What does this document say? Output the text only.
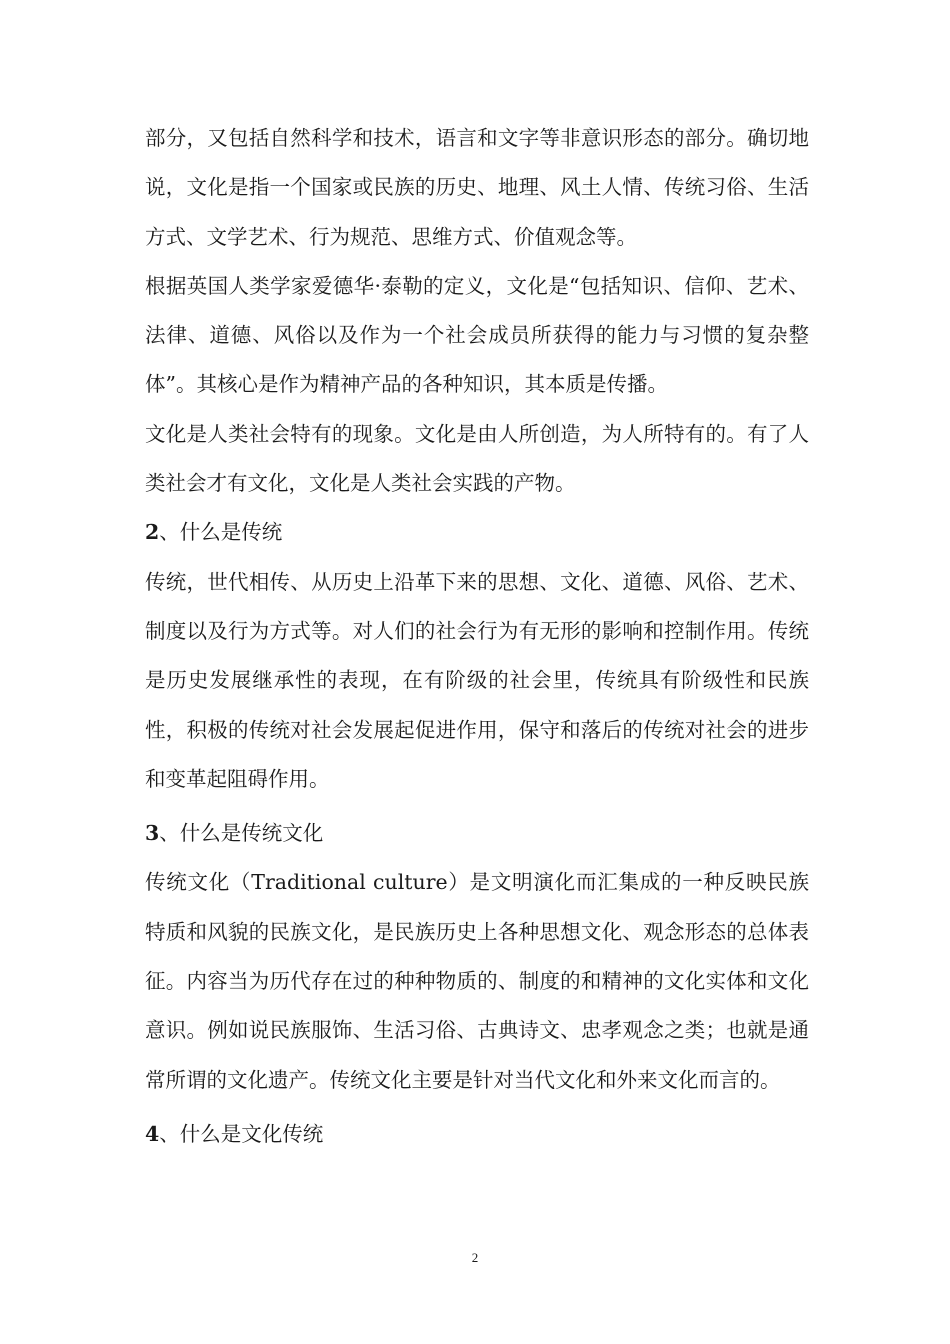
部分，又包括自然科学和技术，语言和文字等非意识形态的部分。确切地说，文化是指一个国家或民族的历史、地理、风土人情、传统习俗、生活方式、文学艺术、行为规范、思维方式、价值观念等。

根据英国人类学家爱德华·泰勒的定义，文化是“包括知识、信仰、艺术、法律、道德、风俗以及作为一个社会成员所获得的能力与习惯的复杂整体”。其核心是作为精神产品的各种知识，其本质是传播。

文化是人类社会特有的现象。文化是由人所创造，为人所特有的。有了人类社会才有文化，文化是人类社会实践的产物。

2、什么是传统

传统，世代相传、从历史上沿革下来的思想、文化、道德、风俗、艺术、制度以及行为方式等。对人们的社会行为有无形的影响和控制作用。传统是历史发展继承性的表现，在有阶级的社会里，传统具有阶级性和民族性，积极的传统对社会发展起促进作用，保守和落后的传统对社会的进步和变革起阻碍作用。

3、什么是传统文化

传统文化（Traditional culture）是文明演化而汇集成的一种反映民族特质和风貌的民族文化，是民族历史上各种思想文化、观念形态的总体表征。内容当为历代存在过的种种物质的、制度的和精神的文化实体和文化意识。例如说民族服饰、生活习俗、古典诗文、忠孝观念之类；也就是通常所谓的文化遗产。传统文化主要是针对当代文化和外来文化而言的。

4、什么是文化传统

2
